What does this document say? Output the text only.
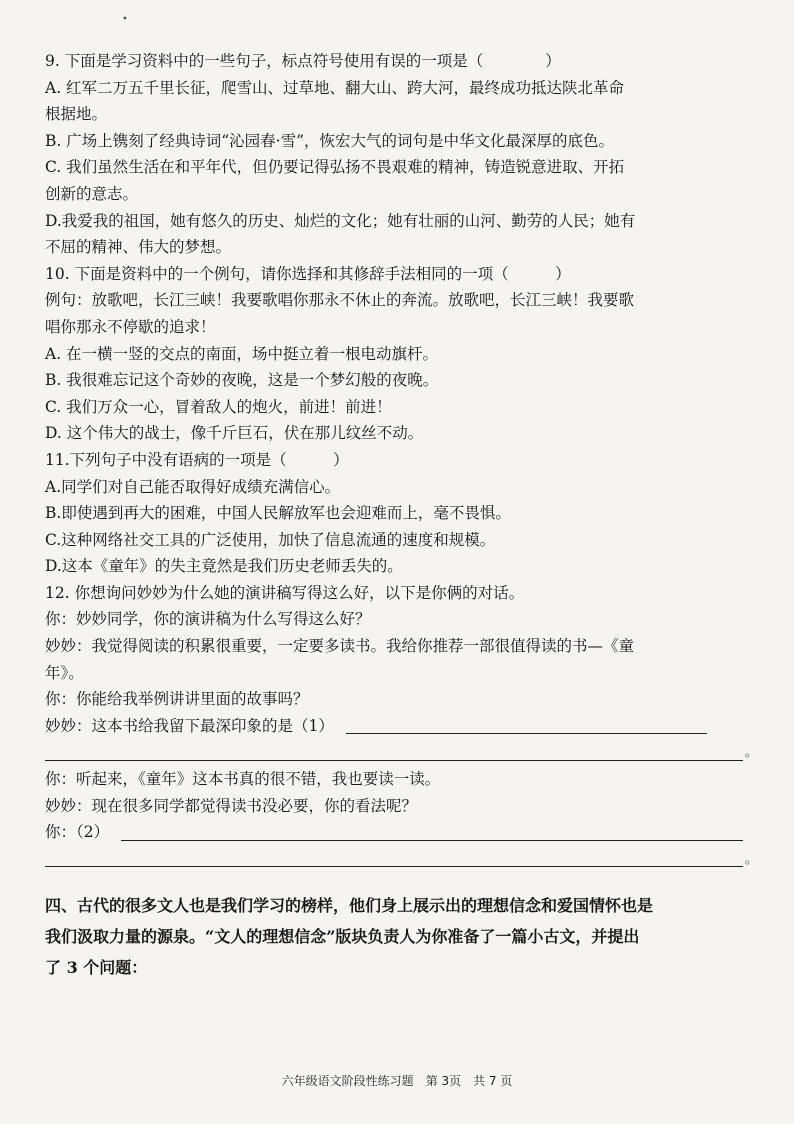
•
9. 下面是学习资料中的一些句子，标点符号使用有误的一项是（　　　　）
A. 红军二万五千里长征，爬雪山、过草地、翻大山、跨大河，最终成功抵达陕北革命
根据地。
B. 广场上镌刻了经典诗词“沁园春·雪”，恢宏大气的词句是中华文化最深厚的底色。
C. 我们虽然生活在和平年代，但仍要记得弘扬不畏艰难的精神，铸造锐意进取、开拓
创新的意志。
D.我爱我的祖国，她有悠久的历史、灿烂的文化；她有壮丽的山河、勤劳的人民；她有
不屈的精神、伟大的梦想。
10. 下面是资料中的一个例句，请你选择和其修辞手法相同的一项（　　　）
例句：放歌吧，长江三峡！我要歌唱你那永不休止的奔流。放歌吧，长江三峡！我要歌
唱你那永不停歇的追求！
A. 在一横一竖的交点的南面，场中挺立着一根电动旗杆。
B. 我很难忘记这个奇妙的夜晚，这是一个梦幻般的夜晚。
C. 我们万众一心，冒着敌人的炮火，前进！前进！
D. 这个伟大的战士，像千斤巨石，伏在那儿纹丝不动。
11.下列句子中没有语病的一项是（　　　）
A.同学们对自己能否取得好成绩充满信心。
B.即使遇到再大的困难，中国人民解放军也会迎难而上，毫不畏惧。
C.这种网络社交工具的广泛使用，加快了信息流通的速度和规模。
D.这本《童年》的失主竟然是我们历史老师丢失的。
12. 你想询问妙妙为什么她的演讲稿写得这么好，以下是你俩的对话。
你：妙妙同学，你的演讲稿为什么写得这么好？
妙妙：我觉得阅读的积累很重要，一定要多读书。我给你推荐一部很值得读的书—《童
年》。
你：你能给我举例讲讲里面的故事吗？
妙妙：这本书给我留下最深印象的是（1）
。
你：听起来，《童年》这本书真的很不错，我也要读一读。
妙妙：现在很多同学都觉得读书没必要，你的看法呢？
你：（2）
。
四、古代的很多文人也是我们学习的榜样，他们身上展示出的理想信念和爱国情怀也是
我们汲取力量的源泉。“文人的理想信念”版块负责人为你准备了一篇小古文，并提出
了 3 个问题：
六年级语文阶段性练习题　第 3页　共 7 页
